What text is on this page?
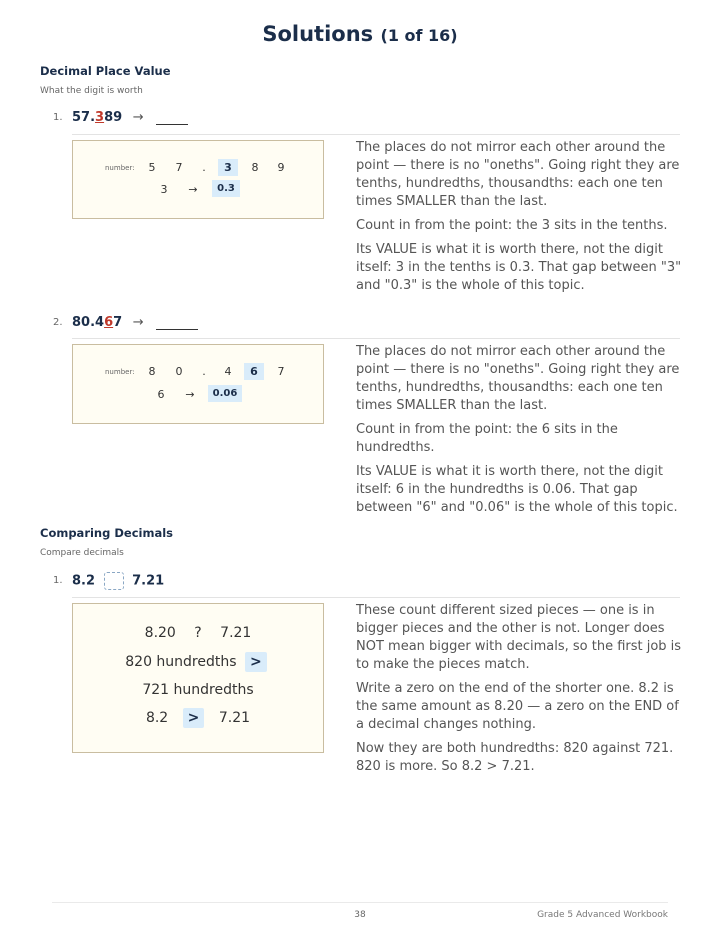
Solutions (1 of 16)
Decimal Place Value
What the digit is worth
1. 57.389 →
number:	5	7	.	3	8	9
3	→	0.3

The places do not mirror each other around the point — there is no "oneths". Going right they are tenths, hundredths, thousandths: each one ten times SMALLER than the last.

Count in from the point: the 3 sits in the tenths.

Its VALUE is what it is worth there, not the digit itself: 3 in the tenths is 0.3. That gap between "3" and "0.3" is the whole of this topic.

2. 80.467 →
number:	8	0	.	4	6	7
6	→	0.06

The places do not mirror each other around the point — there is no "oneths". Going right they are tenths, hundredths, thousandths: each one ten times SMALLER than the last.

Count in from the point: the 6 sits in the hundredths.

Its VALUE is what it is worth there, not the digit itself: 6 in the hundredths is 0.06. That gap between "6" and "0.06" is the whole of this topic.

Comparing Decimals
Compare decimals
1. 8.2	7.21
8.20 ? 7.21
820 hundredths >
721 hundredths
8.2 > 7.21

These count different sized pieces — one is in bigger pieces and the other is not. Longer does NOT mean bigger with decimals, so the first job is to make the pieces match.

Write a zero on the end of the shorter one. 8.2 is the same amount as 8.20 — a zero on the END of a decimal changes nothing.

Now they are both hundredths: 820 against 721. 820 is more. So 8.2 > 7.21.

38	Grade 5 Advanced Workbook
